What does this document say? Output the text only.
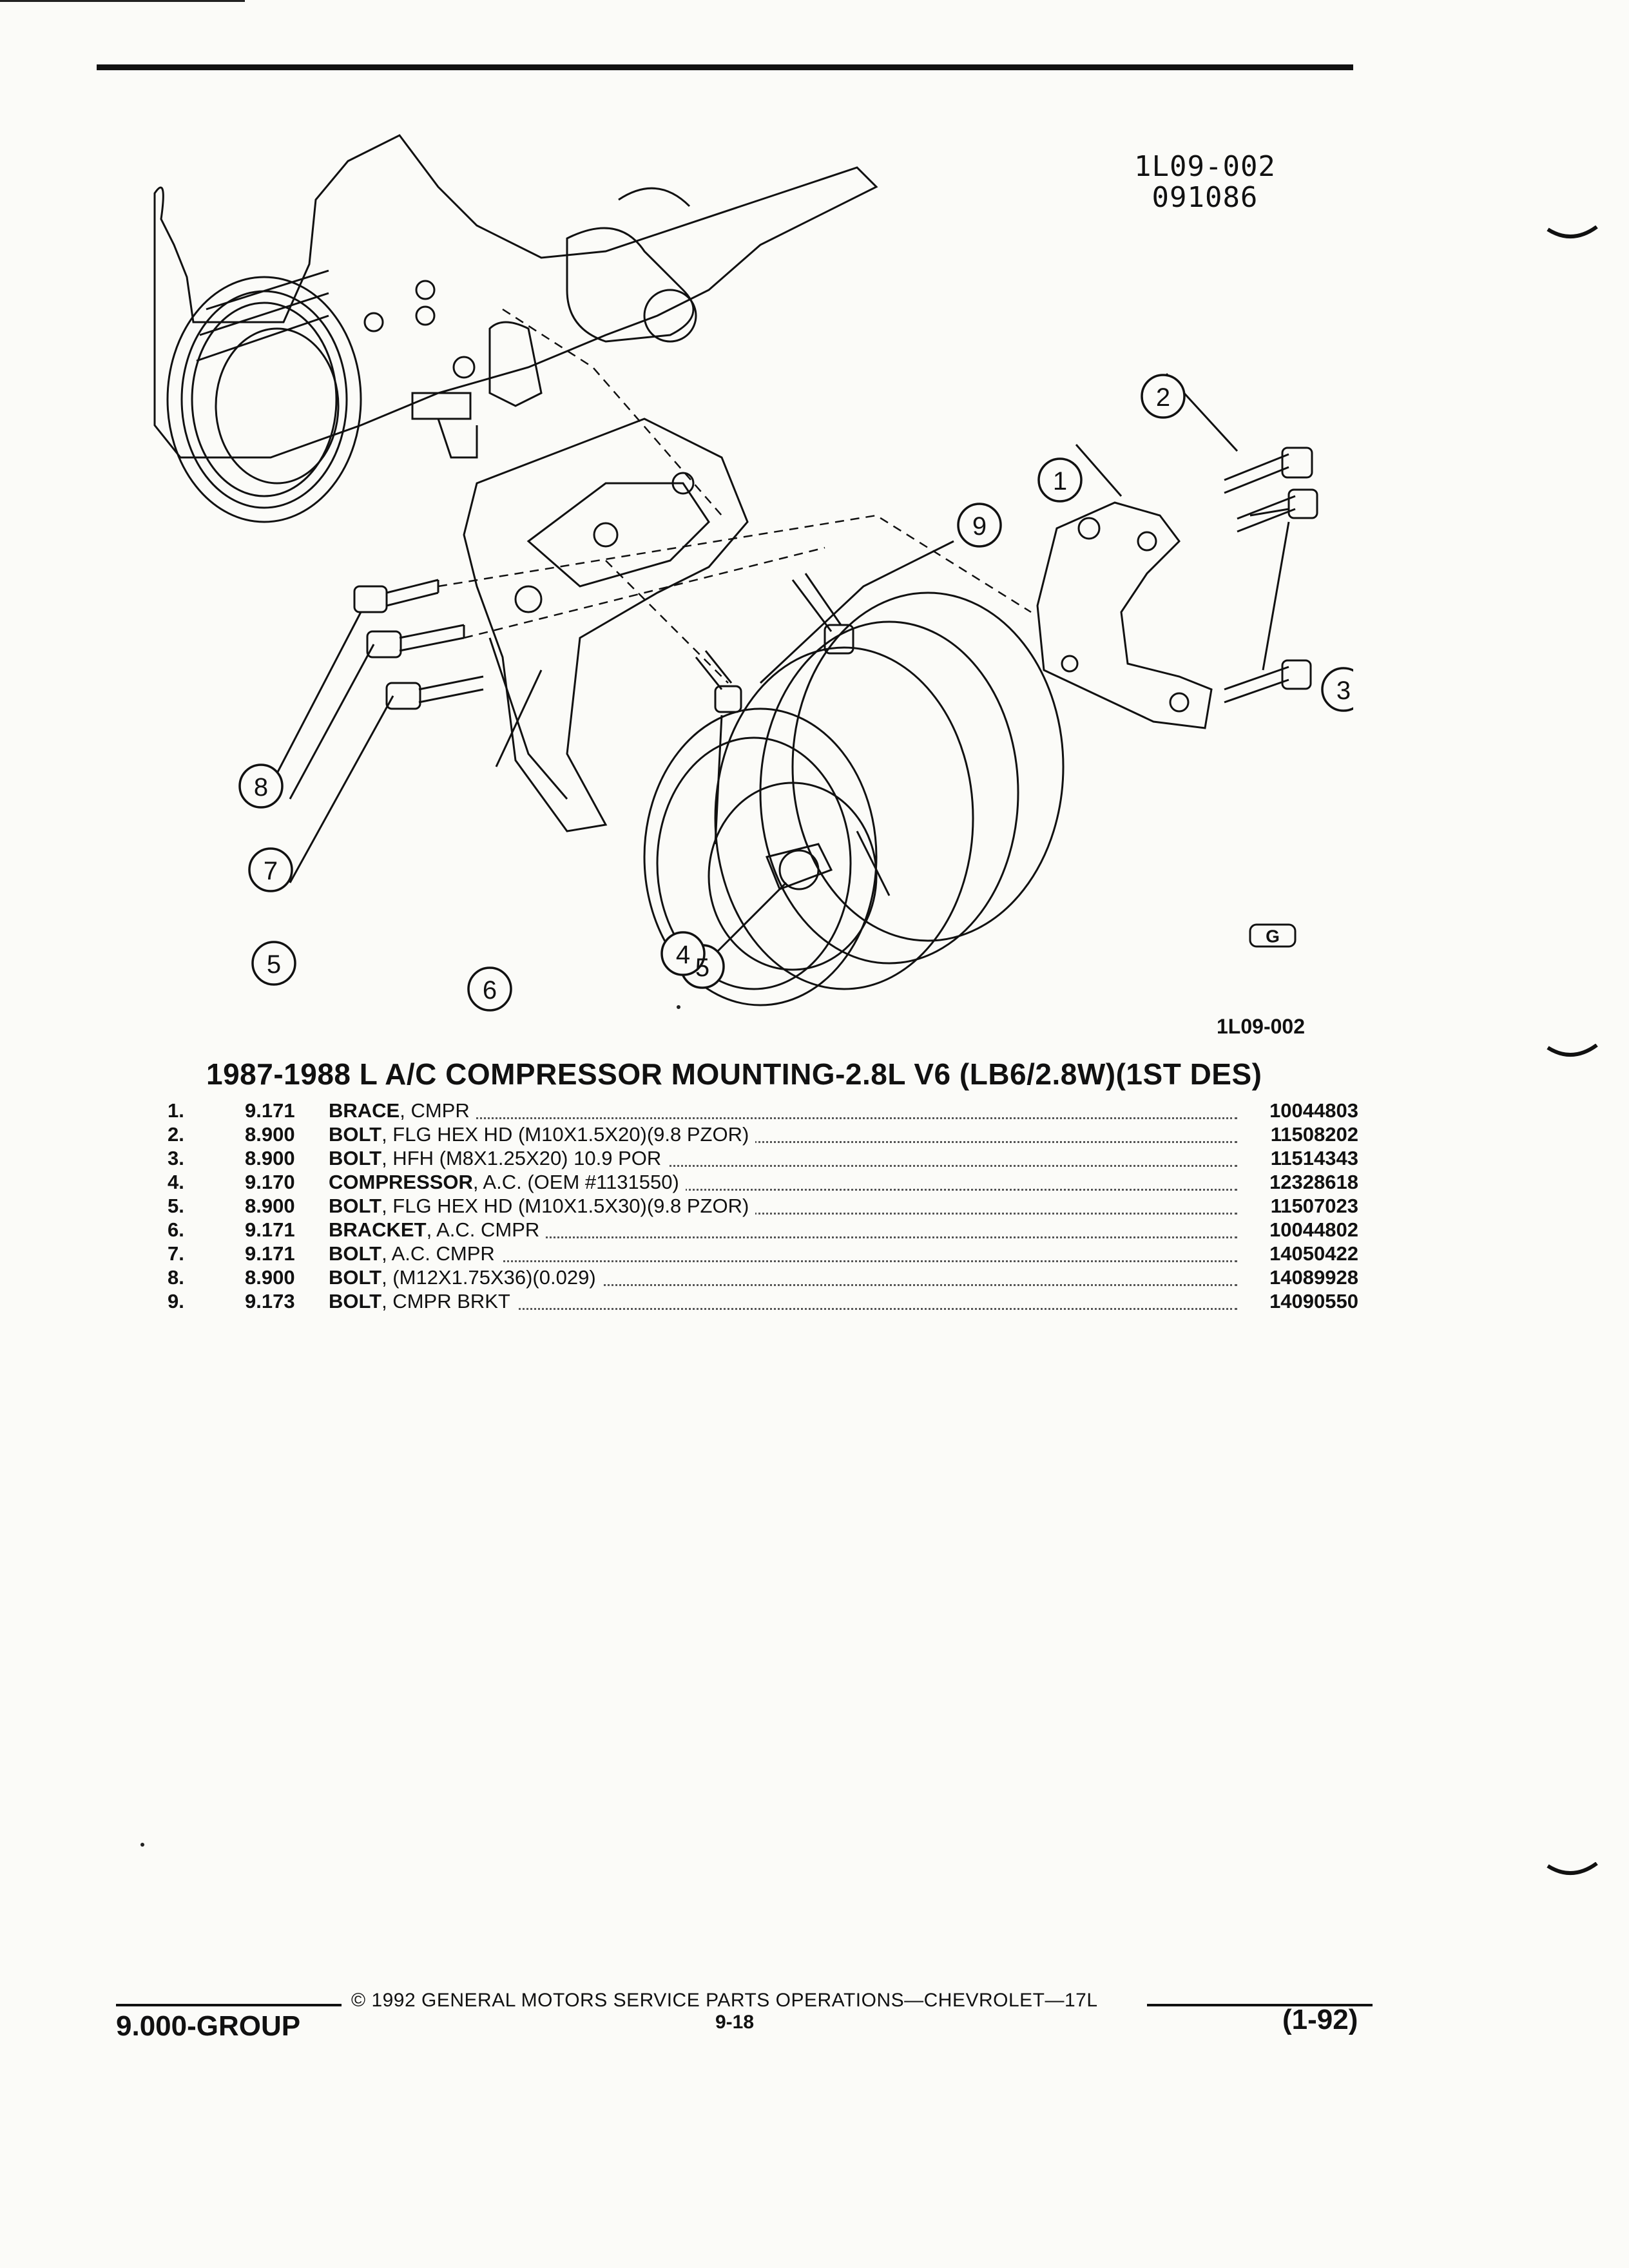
1L09-002
091086
8
7
5
6
5
4
1
2
3
9
G
1L09-002
1987-1988 L A/C COMPRESSOR MOUNTING-2.8L V6 (LB6/2.8W)(1ST DES)
1.	9.171	BRACE, CMPR	10044803
2.	8.900	BOLT, FLG HEX HD (M10X1.5X20)(9.8 PZOR)	11508202
3.	8.900	BOLT, HFH (M8X1.25X20) 10.9 POR	11514343
4.	9.170	COMPRESSOR, A.C. (OEM #1131550)	12328618
5.	8.900	BOLT, FLG HEX HD (M10X1.5X30)(9.8 PZOR)	11507023
6.	9.171	BRACKET, A.C. CMPR	10044802
7.	9.171	BOLT, A.C. CMPR	14050422
8.	8.900	BOLT, (M12X1.75X36)(0.029)	14089928
9.	9.173	BOLT, CMPR BRKT	14090550
© 1992 GENERAL MOTORS SERVICE PARTS OPERATIONS—CHEVROLET—17L
9.000-GROUP	9-18	(1-92)
